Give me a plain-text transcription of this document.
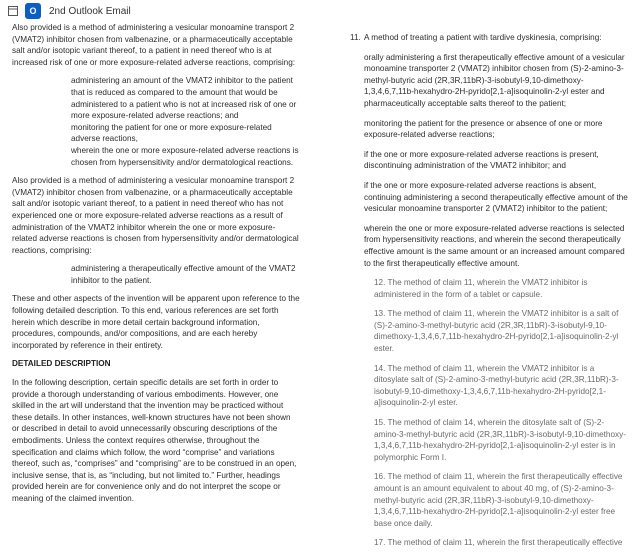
O	2nd Outlook Email

Also provided is a method of administering a vesicular monoamine transport 2 (VMAT2) inhibitor chosen from valbenazine, or a pharmaceutically acceptable salt and/or isotopic variant thereof, to a patient in need thereof who is at increased risk of one or more exposure-related adverse reactions, comprising:

administering an amount of the VMAT2 inhibitor to the patient that is reduced as compared to the amount that would be administered to a patient who is not at increased risk of one or more exposure-related adverse reactions; and
monitoring the patient for one or more exposure-related adverse reactions,
wherein the one or more exposure-related adverse reactions is chosen from hypersensitivity and/or dermatological reactions.

Also provided is a method of administering a vesicular monoamine transport 2 (VMAT2) inhibitor chosen from valbenazine, or a pharmaceutically acceptable salt and/or isotopic variant thereof, to a patient in need thereof who has not experienced one or more exposure-related adverse reactions as a result of administration of the VMAT2 inhibitor wherein the one or more exposure-related adverse reactions is chosen from hypersensitivity and/or dermatological reactions, comprising:

administering a therapeutically effective amount of the VMAT2 inhibitor to the patient.

These and other aspects of the invention will be apparent upon reference to the following detailed description. To this end, various references are set forth herein which describe in more detail certain background information, procedures, compounds, and/or compositions, and are each hereby incorporated by reference in their entirety.

DETAILED DESCRIPTION

In the following description, certain specific details are set forth in order to provide a thorough understanding of various embodiments. However, one skilled in the art will understand that the invention may be practiced without these details. In other instances, well-known structures have not been shown or described in detail to avoid unnecessarily obscuring descriptions of the embodiments. Unless the context requires otherwise, throughout the specification and claims which follow, the word “comprise” and variations thereof, such as, “comprises” and “comprising” are to be construed in an open, inclusive sense, that is, as “including, but not limited to.” Further, headings provided herein are for convenience only and do not interpret the scope or meaning of the claimed invention.

11. A method of treating a patient with tardive dyskinesia, comprising:
orally administering a first therapeutically effective amount of a vesicular monoamine transporter 2 (VMAT2) inhibitor chosen from (S)-2-amino-3-methyl-butyric acid (2R,3R,11bR)-3-isobutyl-9,10-dimethoxy-1,3,4,6,7,11b-hexahydro-2H-pyrido[2,1-a]isoquinolin-2-yl ester and pharmaceutically acceptable salts thereof to the patient;
monitoring the patient for the presence or absence of one or more exposure-related adverse reactions;
if the one or more exposure-related adverse reactions is present, discontinuing administration of the VMAT2 inhibitor; and
if the one or more exposure-related adverse reactions is absent, continuing administering a second therapeutically effective amount of the vesicular monoamine transporter 2 (VMAT2) inhibitor to the patient;
wherein the one or more exposure-related adverse reactions is selected from hypersensitivity reactions, and wherein the second therapeutically effective amount is the same amount or an increased amount compared to the first therapeutically effective amount.
12. The method of claim 11, wherein the VMAT2 inhibitor is administered in the form of a tablet or capsule.
13. The method of claim 11, wherein the VMAT2 inhibitor is a salt of (S)-2-amino-3-methyl-butyric acid (2R,3R,11bR)-3-isobutyl-9,10-dimethoxy-1,3,4,6,7,11b-hexahydro-2H-pyrido[2,1-a]isoquinolin-2-yl ester.
14. The method of claim 11, wherein the VMAT2 inhibitor is a ditosylate salt of (S)-2-amino-3-methyl-butyric acid (2R,3R,11bR)-3-isobutyl-9,10-dimethoxy-1,3,4,6,7,11b-hexahydro-2H-pyrido[2,1-a]isoquinolin-2-yl ester.
15. The method of claim 14, wherein the ditosylate salt of (S)-2-amino-3-methyl-butyric acid (2R,3R,11bR)-3-isobutyl-9,10-dimethoxy-1,3,4,6,7,11b-hexahydro-2H-pyrido[2,1-a]isoquinolin-2-yl ester is in polymorphic Form I.
16. The method of claim 11, wherein the first therapeutically effective amount is an amount equivalent to about 40 mg, of (S)-2-amino-3-methyl-butyric acid (2R,3R,11bR)-3-isobutyl-9,10-dimethoxy-1,3,4,6,7,11b-hexahydro-2H-pyrido[2,1-a]isoquinolin-2-yl ester free base once daily.
17. The method of claim 11, wherein the first therapeutically effective
